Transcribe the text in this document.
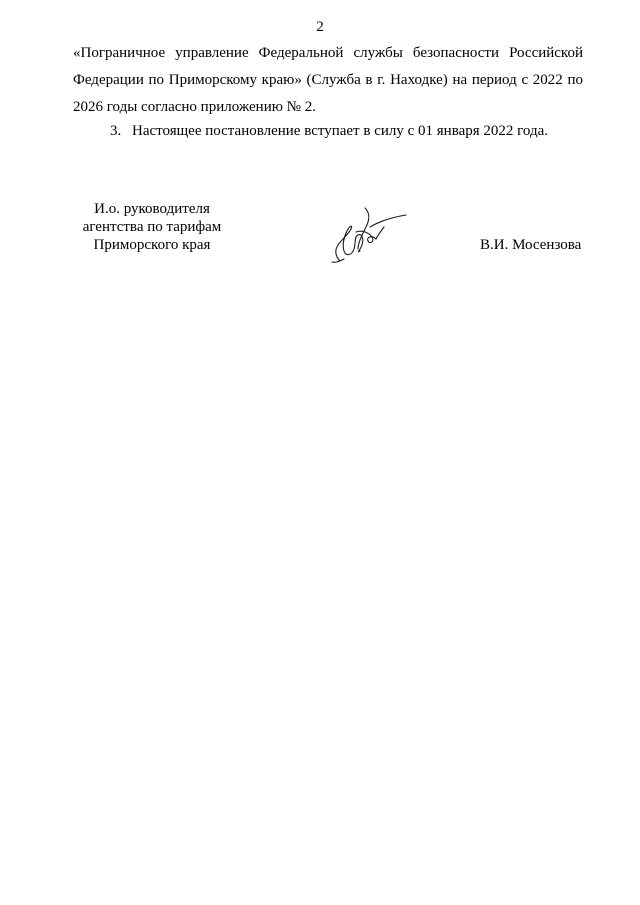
2
«Пограничное управление Федеральной службы безопасности Российской
Федерации по Приморскому краю» (Служба в г. Находке) на период с 2022 по
2026 годы согласно приложению № 2.
3. Настоящее постановление вступает в силу с 01 января 2022 года.
И.о. руководителя
агентства по тарифам
Приморского края	В.И. Мосензова
